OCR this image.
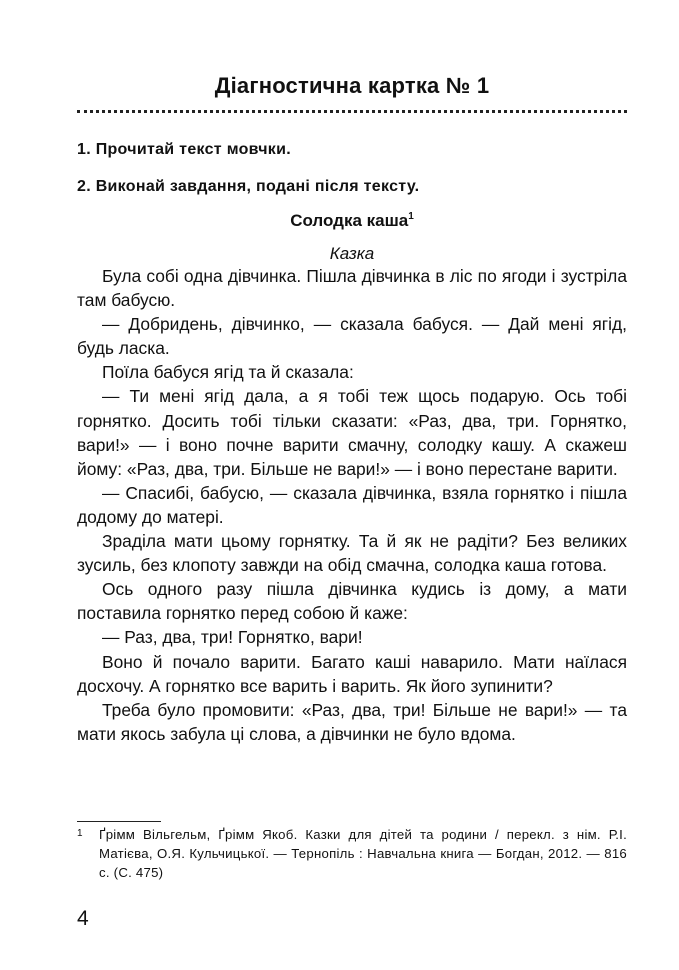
Діагностична картка № 1
1. Прочитай текст мовчки.
2. Виконай завдання, подані після тексту.
Солодка каша$^1$
Казка

Була собі одна дівчинка. Пішла дівчинка в ліс по ягоди і зустріла там бабусю.

— Добридень, дівчинко, — сказала бабуся. — Дай мені ягід, будь ласка.

Поїла бабуся ягід та й сказала:

— Ти мені ягід дала, а я тобі теж щось подарую. Ось тобі горнятко. Досить тобі тільки сказати: «Раз, два, три. Горнятко, вари!» — і воно почне варити смачну, солодку кашу. А скажеш йому: «Раз, два, три. Більше не вари!» — і воно перестане варити.

— Спасибі, бабусю, — сказала дівчинка, взяла горнятко і пішла додому до матері.

Зраділа мати цьому горнятку. Та й як не радіти? Без великих зусиль, без клопоту завжди на обід смачна, солодка каша готова.

Ось одного разу пішла дівчинка кудись із дому, а мати поставила горнятко перед собою й каже:

— Раз, два, три! Горнятко, вари!

Воно й почало варити. Багато каші наварило. Мати наїлася досхочу. А горнятко все варить і варить. Як його зупинити?

Треба було промовити: «Раз, два, три! Більше не вари!» — та мати якось забула ці слова, а дівчинки не було вдома.

1 Ґрімм Вільгельм, Ґрімм Якоб. Казки для дітей та родини / перекл. з нім. Р.І. Матієва, О.Я. Кульчицької. — Тернопіль : Навчальна книга — Богдан, 2012. — 816 с. (С. 475)
4
